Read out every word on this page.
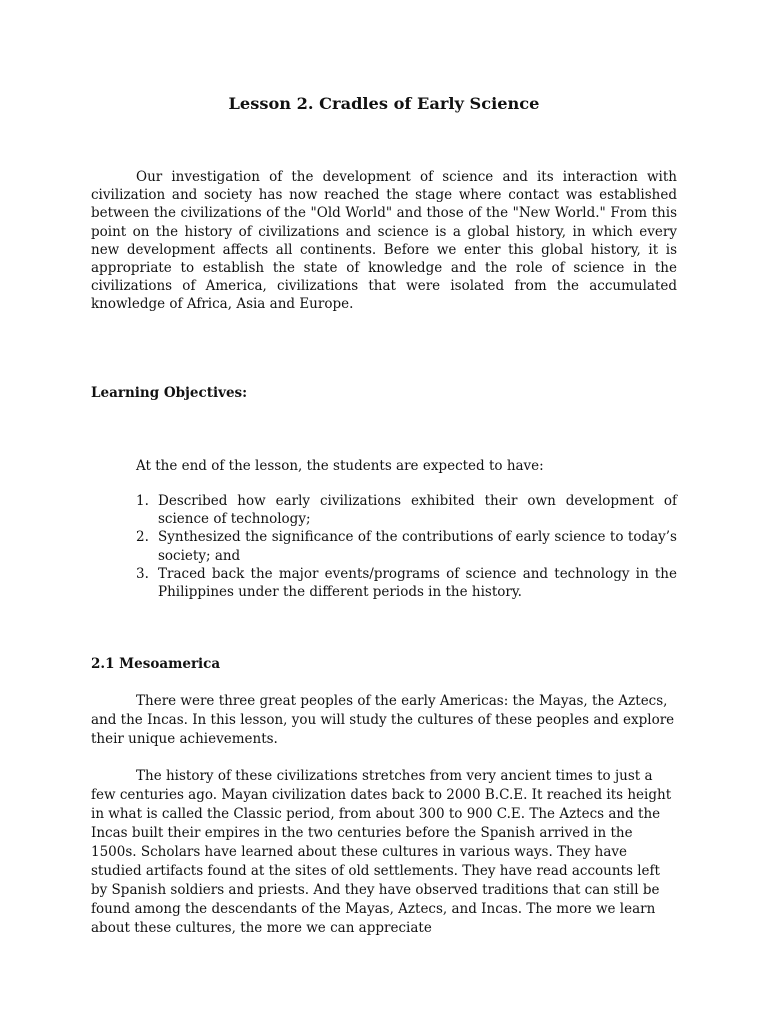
Lesson 2. Cradles of Early Science

Our investigation of the development of science and its interaction with civilization and society has now reached the stage where contact was established between the civilizations of the "Old World" and those of the "New World." From this point on the history of civilizations and science is a global history, in which every new development affects all continents. Before we enter this global history, it is appropriate to establish the state of knowledge and the role of science in the civilizations of America, civilizations that were isolated from the accumulated knowledge of Africa, Asia and Europe.

Learning Objectives:

At the end of the lesson, the students are expected to have:

1. Described how early civilizations exhibited their own development of science of technology;
2. Synthesized the significance of the contributions of early science to today’s society; and
3. Traced back the major events/programs of science and technology in the Philippines under the different periods in the history.
2.1 Mesoamerica

There were three great peoples of the early Americas: the Mayas, the Aztecs, and the Incas. In this lesson, you will study the cultures of these peoples and explore their unique achievements.

The history of these civilizations stretches from very ancient times to just a few centuries ago. Mayan civilization dates back to 2000 B.C.E. It reached its height in what is called the Classic period, from about 300 to 900 C.E. The Aztecs and the Incas built their empires in the two centuries before the Spanish arrived in the 1500s. Scholars have learned about these cultures in various ways. They have studied artifacts found at the sites of old settlements. They have read accounts left by Spanish soldiers and priests. And they have observed traditions that can still be found among the descendants of the Mayas, Aztecs, and Incas. The more we learn about these cultures, the more we can appreciate
